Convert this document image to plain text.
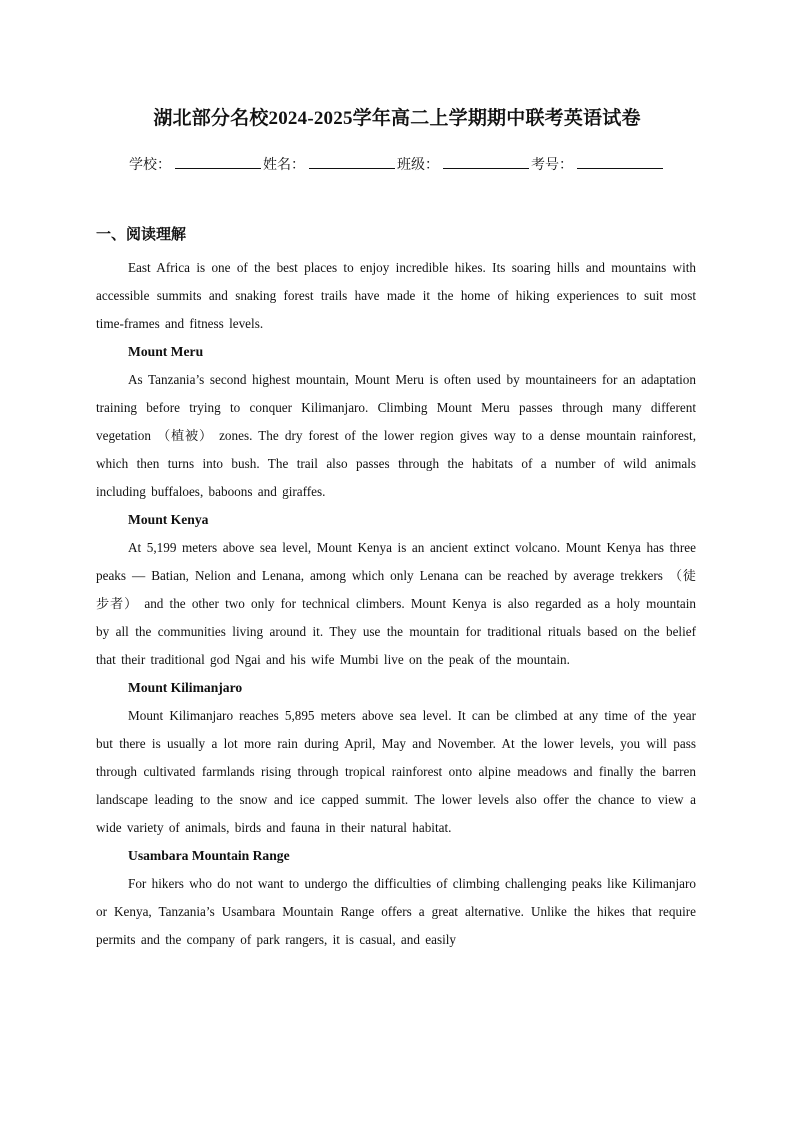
湖北部分名校2024-2025学年高二上学期期中联考英语试卷
学校：	姓名：	班级：	考号：
一、阅读理解

East Africa is one of the best places to enjoy incredible hikes. Its soaring hills and mountains with accessible summits and snaking forest trails have made it the home of hiking experiences to suit most time-frames and fitness levels.

Mount Meru

As Tanzania’s second highest mountain, Mount Meru is often used by mountaineers for an adaptation training before trying to conquer Kilimanjaro. Climbing Mount Meru passes through many different vegetation （植被） zones. The dry forest of the lower region gives way to a dense mountain rainforest, which then turns into bush. The trail also passes through the habitats of a number of wild animals including buffaloes, baboons and giraffes.

Mount Kenya

At 5,199 meters above sea level, Mount Kenya is an ancient extinct volcano. Mount Kenya has three peaks — Batian, Nelion and Lenana, among which only Lenana can be reached by average trekkers （徒步者） and the other two only for technical climbers. Mount Kenya is also regarded as a holy mountain by all the communities living around it. They use the mountain for traditional rituals based on the belief that their traditional god Ngai and his wife Mumbi live on the peak of the mountain.

Mount Kilimanjaro

Mount Kilimanjaro reaches 5,895 meters above sea level. It can be climbed at any time of the year but there is usually a lot more rain during April, May and November. At the lower levels, you will pass through cultivated farmlands rising through tropical rainforest onto alpine meadows and finally the barren landscape leading to the snow and ice capped summit. The lower levels also offer the chance to view a wide variety of animals, birds and fauna in their natural habitat.

Usambara Mountain Range

For hikers who do not want to undergo the difficulties of climbing challenging peaks like Kilimanjaro or Kenya, Tanzania’s Usambara Mountain Range offers a great alternative. Unlike the hikes that require permits and the company of park rangers, it is casual, and easily
